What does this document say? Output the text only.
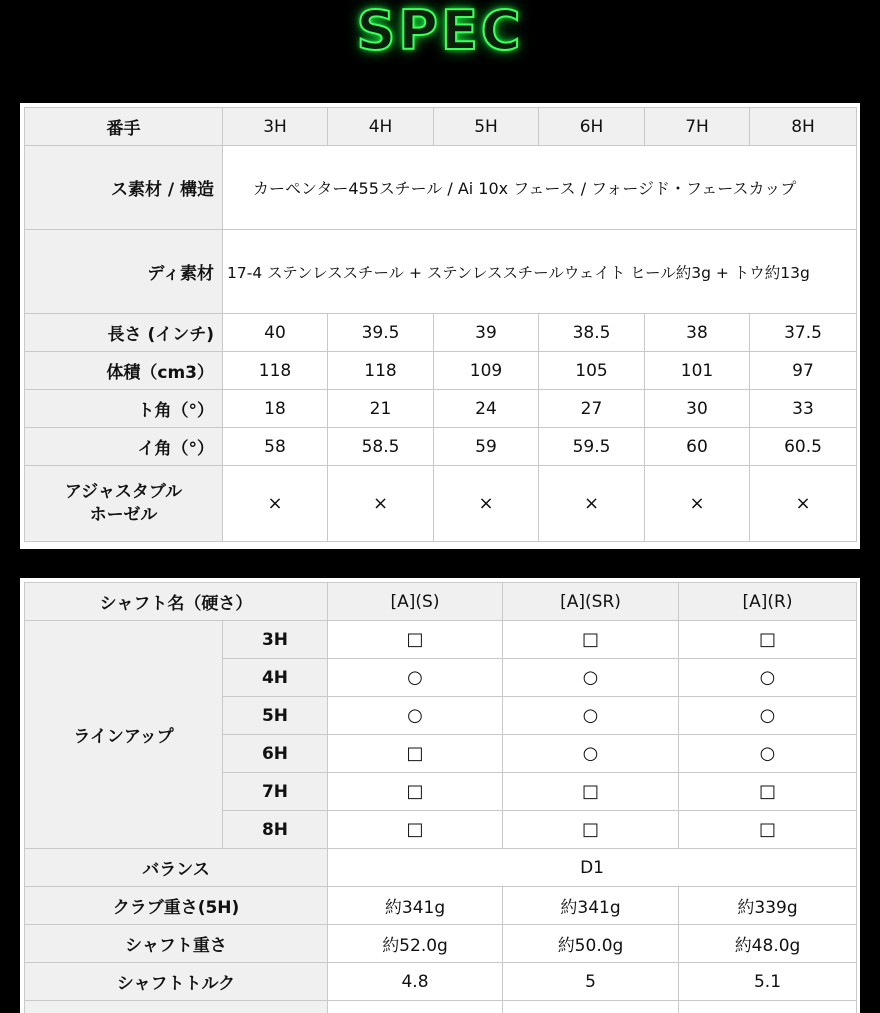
SPEC
番手	3H	4H	5H	6H	7H	8H
ス素材 / 構造	カーペンター455スチール / Ai 10x フェース / フォージド・フェースカップ					
ディ素材	17-4 ステンレススチール + ステンレススチールウェイト ヒール約3g + トウ約13g					
長さ (インチ)	40	39.5	39	38.5	38	37.5
体積（cm3）	118	118	109	105	101	97
ト角（°）	18	21	24	27	30	33
イ角（°）	58	58.5	59	59.5	60	60.5

アジャスタブル
ホーゼル	×	×	×	×	×	×
シャフト名（硬さ）		[A](S)	[A](SR)	[A](R)
ラインアップ	3H	□	□	□
	4H	○	○	○
	5H	○	○	○
	6H	□	○	○
	7H	□	□	□
	8H	□	□	□
バランス		D1		
クラブ重さ(5H)		約341g	約341g	約339g
シャフト重さ		約52.0g	約50.0g	約48.0g
シャフトトルク		4.8	5	5.1
